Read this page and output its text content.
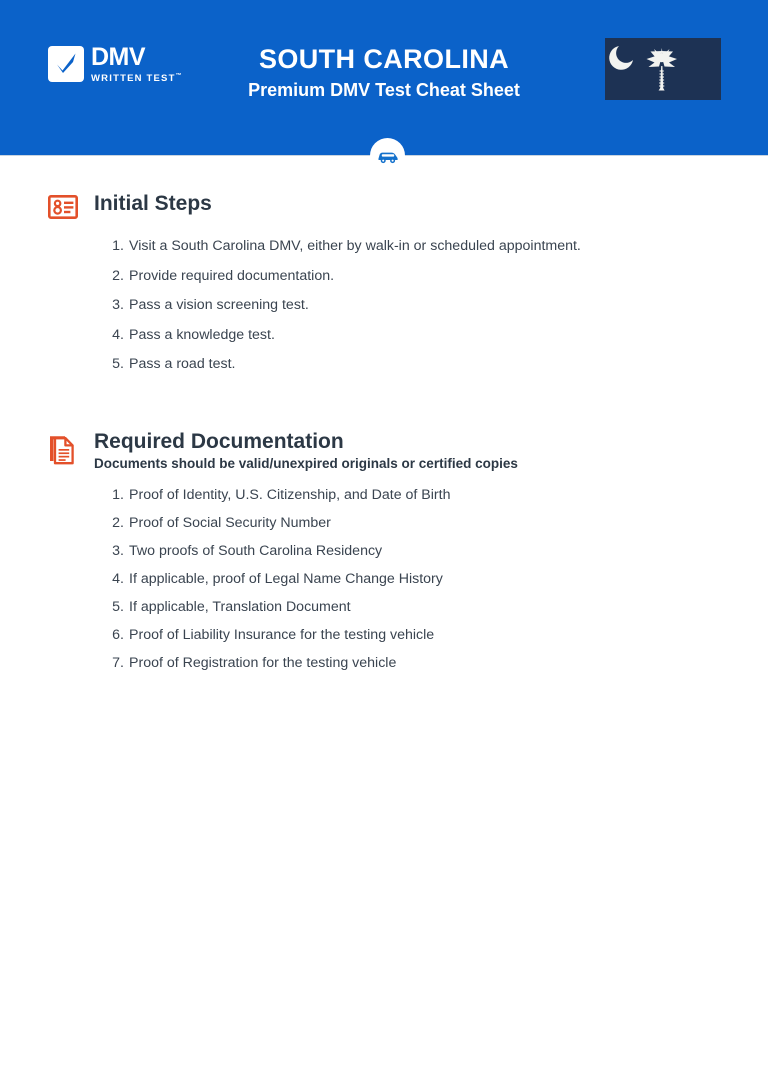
DMV
WRITTEN TEST™
SOUTH CAROLINA
Premium DMV Test Cheat Sheet
Initial Steps
Visit a South Carolina DMV, either by walk-in or scheduled appointment.
Provide required documentation.
Pass a vision screening test.
Pass a knowledge test.
Pass a road test.
Required Documentation
Documents should be valid/unexpired originals or certified copies
Proof of Identity, U.S. Citizenship, and Date of Birth
Proof of Social Security Number
Two proofs of South Carolina Residency
If applicable, proof of Legal Name Change History
If applicable, Translation Document
Proof of Liability Insurance for the testing vehicle
Proof of Registration for the testing vehicle
